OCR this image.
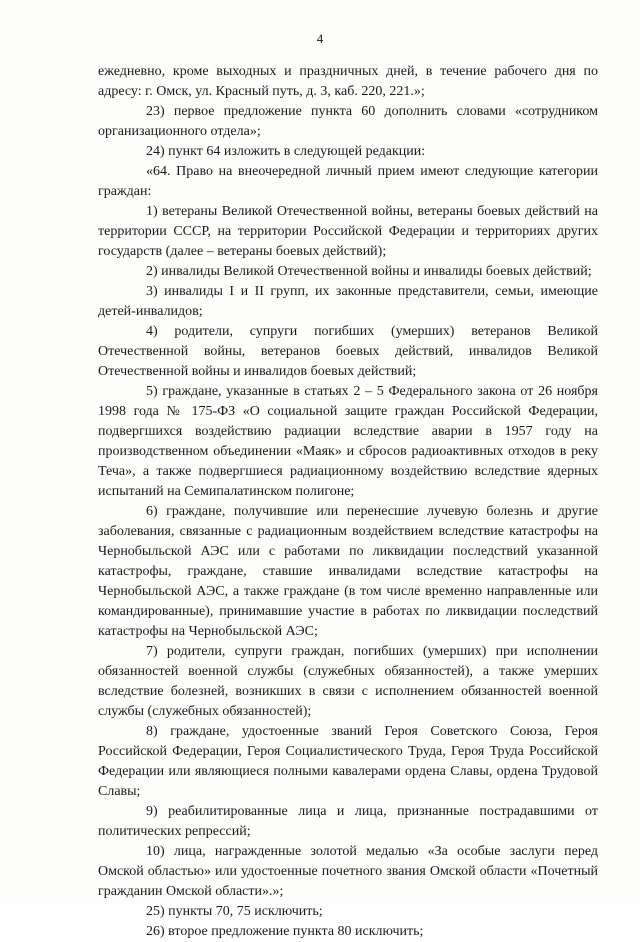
4

ежедневно, кроме выходных и праздничных дней, в течение рабочего дня по адресу: г. Омск, ул. Красный путь, д. 3, каб. 220, 221.»;

23) первое предложение пункта 60 дополнить словами «сотрудником организационного отдела»;

24) пункт 64 изложить в следующей редакции:

«64. Право на внеочередной личный прием имеют следующие категории граждан:

1) ветераны Великой Отечественной войны, ветераны боевых действий на территории СССР, на территории Российской Федерации и территориях других государств (далее – ветераны боевых действий);

2) инвалиды Великой Отечественной войны и инвалиды боевых действий;

3) инвалиды I и II групп, их законные представители, семьи, имеющие детей-инвалидов;

4) родители, супруги погибших (умерших) ветеранов Великой Отечественной войны, ветеранов боевых действий, инвалидов Великой Отечественной войны и инвалидов боевых действий;

5) граждане, указанные в статьях 2 – 5 Федерального закона от 26 ноября 1998 года № 175-ФЗ «О социальной защите граждан Российской Федерации, подвергшихся воздействию радиации вследствие аварии в 1957 году на производственном объединении «Маяк» и сбросов радиоактивных отходов в реку Теча», а также подвергшиеся радиационному воздействию вследствие ядерных испытаний на Семипалатинском полигоне;

6) граждане, получившие или перенесшие лучевую болезнь и другие заболевания, связанные с радиационным воздействием вследствие катастрофы на Чернобыльской АЭС или с работами по ликвидации последствий указанной катастрофы, граждане, ставшие инвалидами вследствие катастрофы на Чернобыльской АЭС, а также граждане (в том числе временно направленные или командированные), принимавшие участие в работах по ликвидации последствий катастрофы на Чернобыльской АЭС;

7) родители, супруги граждан, погибших (умерших) при исполнении обязанностей военной службы (служебных обязанностей), а также умерших вследствие болезней, возникших в связи с исполнением обязанностей военной службы (служебных обязанностей);

8) граждане, удостоенные званий Героя Советского Союза, Героя Российской Федерации, Героя Социалистического Труда, Героя Труда Российской Федерации или являющиеся полными кавалерами ордена Славы, ордена Трудовой Славы;

9) реабилитированные лица и лица, признанные пострадавшими от политических репрессий;

10) лица, награжденные золотой медалью «За особые заслуги перед Омской областью» или удостоенные почетного звания Омской области «Почетный гражданин Омской области».»;

25) пункты 70, 75 исключить;

26) второе предложение пункта 80 исключить;
